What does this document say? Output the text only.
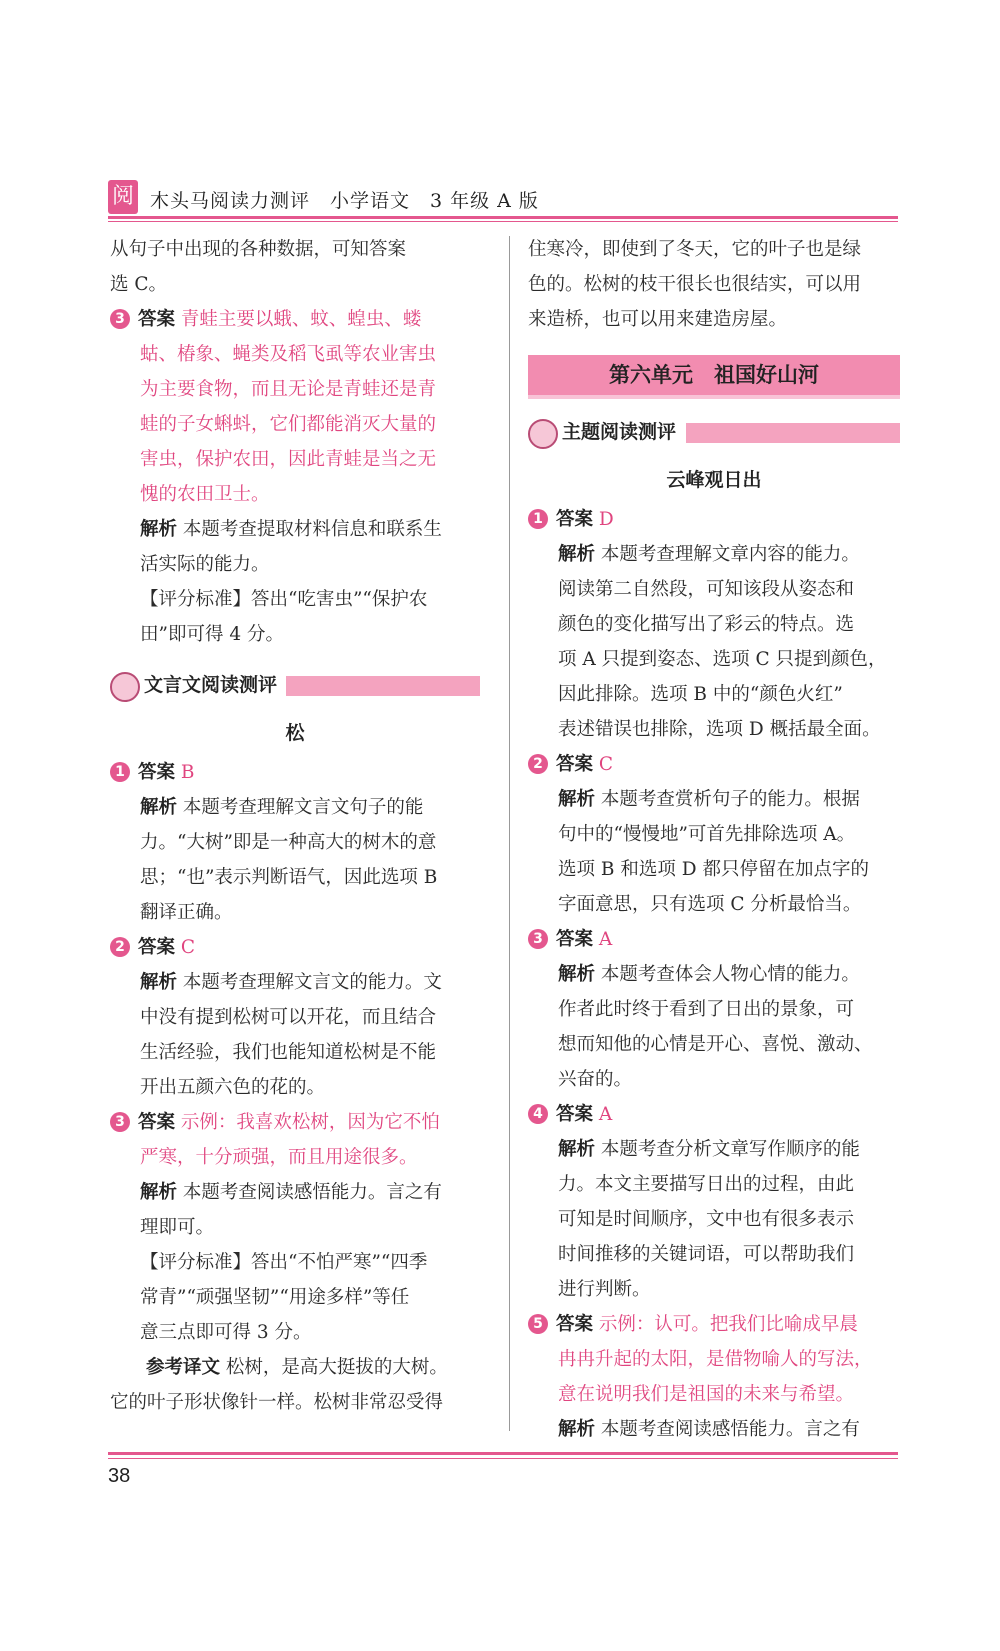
阅 木头马阅读力测评　小学语文　3 年级 A 版
从句子中出现的各种数据，可知答案
选 C。
3 答案 青蛙主要以蛾、蚊、蝗虫、蝼
蛄、椿象、蝇类及稻飞虱等农业害虫
为主要食物，而且无论是青蛙还是青
蛙的子女蝌蚪，它们都能消灭大量的
害虫，保护农田，因此青蛙是当之无
愧的农田卫士。
解析 本题考查提取材料信息和联系生
活实际的能力。
【评分标准】答出“吃害虫”“保护农
田”即可得 4 分。
文言文阅读测评
松
1 答案 B
解析 本题考查理解文言文句子的能
力。“大树”即是一种高大的树木的意
思；“也”表示判断语气，因此选项 B
翻译正确。
2 答案 C
解析 本题考查理解文言文的能力。文
中没有提到松树可以开花，而且结合
生活经验，我们也能知道松树是不能
开出五颜六色的花的。
3 答案 示例：我喜欢松树，因为它不怕
严寒，十分顽强，而且用途很多。
解析 本题考查阅读感悟能力。言之有
理即可。
【评分标准】答出“不怕严寒”“四季
常青”“顽强坚韧”“用途多样”等任
意三点即可得 3 分。
参考译文 松树，是高大挺拔的大树。
它的叶子形状像针一样。松树非常忍受得
住寒冷，即使到了冬天，它的叶子也是绿
色的。松树的枝干很长也很结实，可以用
来造桥，也可以用来建造房屋。
第六单元　祖国好山河
主题阅读测评
云峰观日出
1 答案 D
解析 本题考查理解文章内容的能力。
阅读第二自然段，可知该段从姿态和
颜色的变化描写出了彩云的特点。选
项 A 只提到姿态、选项 C 只提到颜色，
因此排除。选项 B 中的“颜色火红”
表述错误也排除，选项 D 概括最全面。
2 答案 C
解析 本题考查赏析句子的能力。根据
句中的“慢慢地”可首先排除选项 A。
选项 B 和选项 D 都只停留在加点字的
字面意思，只有选项 C 分析最恰当。
3 答案 A
解析 本题考查体会人物心情的能力。
作者此时终于看到了日出的景象，可
想而知他的心情是开心、喜悦、激动、
兴奋的。
4 答案 A
解析 本题考查分析文章写作顺序的能
力。本文主要描写日出的过程，由此
可知是时间顺序，文中也有很多表示
时间推移的关键词语，可以帮助我们
进行判断。
5 答案 示例：认可。把我们比喻成早晨
冉冉升起的太阳，是借物喻人的写法，
意在说明我们是祖国的未来与希望。
解析 本题考查阅读感悟能力。言之有
38
